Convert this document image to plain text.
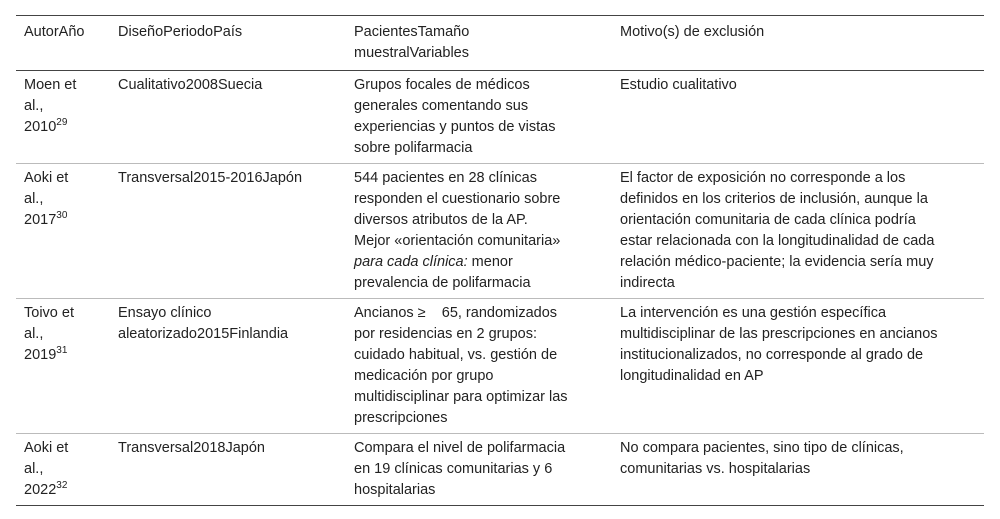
AutorAño	DiseñoPeriodoPaís	PacientesTamaño muestralVariables	Motivo(s) de exclusión

Moen et al., 2010$^{29}$	Cualitativo2008Suecia	Grupos focales de médicos generales comentando sus experiencias y puntos de vistas sobre polifarmacia	Estudio cualitativo

Aoki et al., 2017$^{30}$	Transversal2015-2016Japón	544 pacientes en 28 clínicas responden el cuestionario sobre diversos atributos de la AP. Mejor «orientación comunitaria» para cada clínica: menor prevalencia de polifarmacia	El factor de exposición no corresponde a los definidos en los criterios de inclusión, aunque la orientación comunitaria de cada clínica podría estar relacionada con la longitudinalidad de cada relación médico-paciente; la evidencia sería muy indirecta

Toivo et al., 2019$^{31}$	Ensayo clínico aleatorizado2015Finlandia	Ancianos ≥    65, randomizados por residencias en 2 grupos: cuidado habitual, vs. gestión de medicación por grupo multidisciplinar para optimizar las prescripciones	La intervención es una gestión específica multidisciplinar de las prescripciones en ancianos institucionalizados, no corresponde al grado de longitudinalidad en AP

Aoki et al., 2022$^{32}$	Transversal2018Japón	Compara el nivel de polifarmacia en 19 clínicas comunitarias y 6 hospitalarias	No compara pacientes, sino tipo de clínicas, comunitarias vs. hospitalarias
